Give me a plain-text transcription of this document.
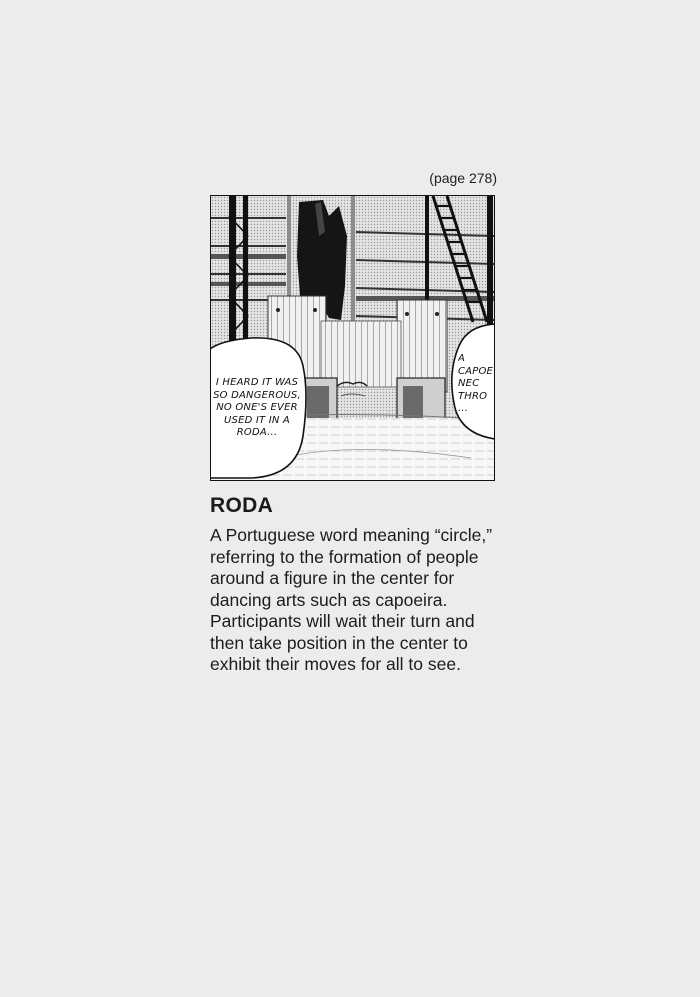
(page 278)
I HEARD IT WAS SO DANGEROUS, NO ONE'S EVER USED IT IN A RODA...
A
CAPOE
NEC
THRO
...
RODA
A Portuguese word meaning “circle,” referring to the formation of people around a figure in the center for dancing arts such as capoeira. Participants will wait their turn and then take position in the center to exhibit their moves for all to see.
